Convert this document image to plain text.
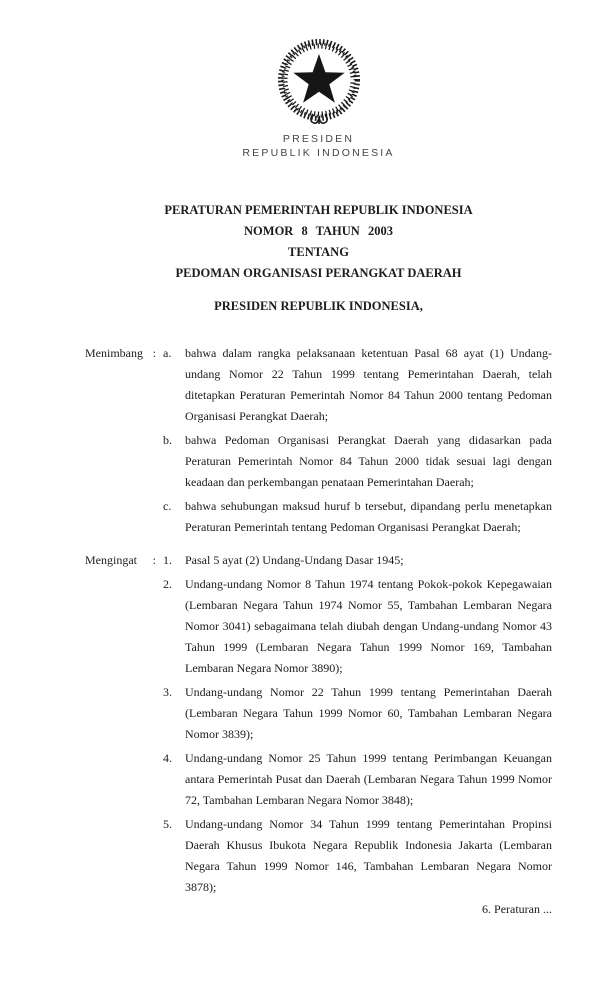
PRESIDEN
REPUBLIK INDONESIA
PERATURAN PEMERINTAH REPUBLIK INDONESIA
NOMOR 8 TAHUN 2003
TENTANG
PEDOMAN ORGANISASI PERANGKAT DAERAH
PRESIDEN REPUBLIK INDONESIA,
Menimbang : a.	bahwa dalam rangka pelaksanaan ketentuan Pasal 68 ayat (1) Undang-undang Nomor 22 Tahun 1999 tentang Pemerintahan Daerah, telah ditetapkan Peraturan Pemerintah Nomor 84 Tahun 2000 tentang Pedoman Organisasi Perangkat Daerah;
b.	bahwa Pedoman Organisasi Perangkat Daerah yang didasarkan pada Peraturan Pemerintah Nomor 84 Tahun 2000 tidak sesuai lagi dengan keadaan dan perkembangan penataan Pemerintahan Daerah;
c.	bahwa sehubungan maksud huruf b tersebut, dipandang perlu menetapkan Peraturan Pemerintah tentang Pedoman Organisasi Perangkat Daerah;
Mengingat : 1.	Pasal 5 ayat (2) Undang-Undang Dasar 1945;
2.	Undang-undang Nomor 8 Tahun 1974 tentang Pokok-pokok Kepegawaian (Lembaran Negara Tahun 1974 Nomor 55, Tambahan Lembaran Negara Nomor 3041) sebagaimana telah diubah dengan Undang-undang Nomor 43 Tahun 1999 (Lembaran Negara Tahun 1999 Nomor 169, Tambahan Lembaran Negara Nomor 3890);
3.	Undang-undang Nomor 22 Tahun 1999 tentang Pemerintahan Daerah (Lembaran Negara Tahun 1999 Nomor 60, Tambahan Lembaran Negara Nomor 3839);
4.	Undang-undang Nomor 25 Tahun 1999 tentang Perimbangan Keuangan antara Pemerintah Pusat dan Daerah (Lembaran Negara Tahun 1999 Nomor 72, Tambahan Lembaran Negara Nomor 3848);
5.	Undang-undang Nomor 34 Tahun 1999 tentang Pemerintahan Propinsi Daerah Khusus Ibukota Negara Republik Indonesia Jakarta (Lembaran Negara Tahun 1999 Nomor 146, Tambahan Lembaran Negara Nomor 3878);
6. Peraturan ...
